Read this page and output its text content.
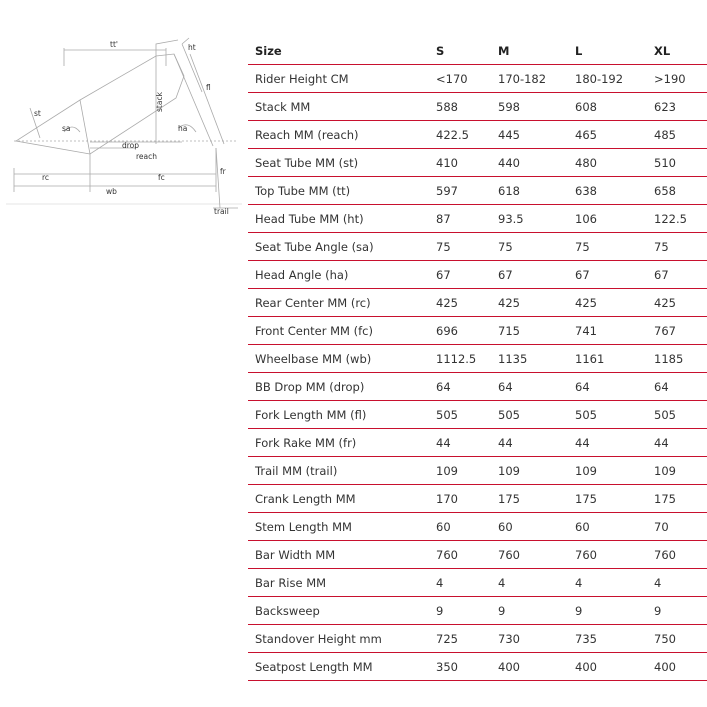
tt'	ht
fl
st
sa
stack
ha
drop
reach
rc	fc
fr
wb
trail
Size	S	M	L	XL
Rider Height CM	<170	170-182	180-192	>190
Stack MM	588	598	608	623
Reach MM (reach)	422.5	445	465	485
Seat Tube MM (st)	410	440	480	510
Top Tube MM (tt)	597	618	638	658
Head Tube MM (ht)	87	93.5	106	122.5
Seat Tube Angle (sa)	75	75	75	75
Head Angle (ha)	67	67	67	67
Rear Center MM (rc)	425	425	425	425
Front Center MM (fc)	696	715	741	767
Wheelbase MM (wb)	1112.5	1135	1161	1185
BB Drop MM (drop)	64	64	64	64
Fork Length MM (fl)	505	505	505	505
Fork Rake MM (fr)	44	44	44	44
Trail MM (trail)	109	109	109	109
Crank Length MM	170	175	175	175
Stem Length MM	60	60	60	70
Bar Width MM	760	760	760	760
Bar Rise MM	4	4	4	4
Backsweep	9	9	9	9
Standover Height mm	725	730	735	750
Seatpost Length MM	350	400	400	400
